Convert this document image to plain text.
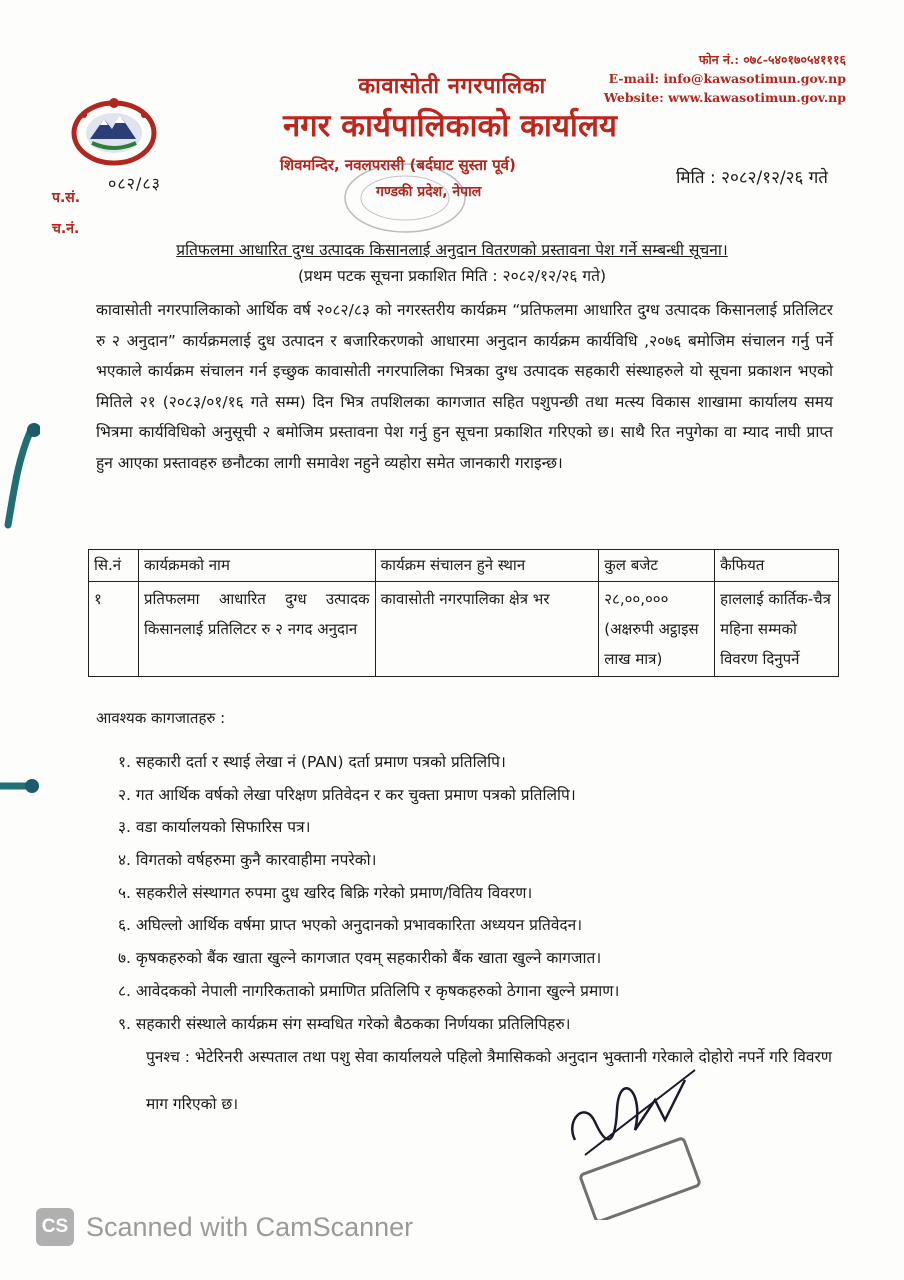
फोन नं.: ०७८-५४०१७०५४१११६
E-mail: info@kawasotimun.gov.np
Website: www.kawasotimun.gov.np
कावासोती नगरपालिका
नगर कार्यपालिकाको कार्यालय
शिवमन्दिर, नवलपरासी (बर्दघाट सुस्ता पूर्व)
गण्डकी प्रदेश, नेपाल
०८२/८३	मिति : २०८२/१२/२६ गते
प.सं.
च.नं.
प्रतिफलमा आधारित दुग्ध उत्पादक किसानलाई अनुदान वितरणको प्रस्तावना पेश गर्ने सम्बन्धी सूचना।
(प्रथम पटक सूचना प्रकाशित मिति : २०८२/१२/२६ गते)
कावासोती नगरपालिकाको आर्थिक वर्ष २०८२/८३ को नगरस्तरीय कार्यक्रम “प्रतिफलमा आधारित दुग्ध उत्पादक किसानलाई प्रतिलिटर रु २ अनुदान” कार्यक्रमलाई दुध उत्पादन र बजारिकरणको आधारमा अनुदान कार्यक्रम कार्यविधि ,२०७६ बमोजिम संचालन गर्नु पर्ने भएकाले कार्यक्रम संचालन गर्न इच्छुक कावासोती नगरपालिका भित्रका दुग्ध उत्पादक सहकारी संस्थाहरुले यो सूचना प्रकाशन भएको मितिले २१ (२०८३/०१/१६ गते सम्म) दिन भित्र तपशिलका कागजात सहित पशुपन्छी तथा मत्स्य विकास शाखामा कार्यालय समय भित्रमा कार्यविधिको अनुसूची २ बमोजिम प्रस्तावना पेश गर्नु हुन सूचना प्रकाशित गरिएको छ। साथै रित नपुगेका वा म्याद नाघी प्राप्त हुन आएका प्रस्तावहरु छनौटका लागी समावेश नहुने व्यहोरा समेत जानकारी गराइन्छ।
सि.नं	कार्यक्रमको नाम	कार्यक्रम संचालन हुने स्थान	कुल बजेट	कैफियत
१	प्रतिफलमा आधारित दुग्ध उत्पादक किसानलाई प्रतिलिटर रु २ नगद अनुदान	कावासोती नगरपालिका क्षेत्र भर	२८,००,००० (अक्षरुपी अट्ठाइस लाख मात्र)	हाललाई कार्तिक-चैत्र महिना सम्मको विवरण दिनुपर्ने
आवश्यक कागजातहरु :
१. सहकारी दर्ता र स्थाई लेखा नं (PAN) दर्ता प्रमाण पत्रको प्रतिलिपि।
२. गत आर्थिक वर्षको लेखा परिक्षण प्रतिवेदन र कर चुक्ता प्रमाण पत्रको प्रतिलिपि।
३. वडा कार्यालयको सिफारिस पत्र।
४. विगतको वर्षहरुमा कुनै कारवाहीमा नपरेको।
५. सहकरीले संस्थागत रुपमा दुध खरिद बिक्रि गरेको प्रमाण/वितिय विवरण।
६. अघिल्लो आर्थिक वर्षमा प्राप्त भएको अनुदानको प्रभावकारिता अध्ययन प्रतिवेदन।
७. कृषकहरुको बैंक खाता खुल्ने कागजात एवम् सहकारीको बैंक खाता खुल्ने कागजात।
८. आवेदकको नेपाली नागरिकताको प्रमाणित प्रतिलिपि र कृषकहरुको ठेगाना खुल्ने प्रमाण।
९. सहकारी संस्थाले कार्यक्रम संग सम्वधित गरेको बैठकका निर्णयका प्रतिलिपिहरु।
पुनश्च : भेटेरिनरी अस्पताल तथा पशु सेवा कार्यालयले पहिलो त्रैमासिकको अनुदान भुक्तानी गरेकाले दोहोरो नपर्ने गरि विवरण माग गरिएको छ।
CS Scanned with CamScanner
